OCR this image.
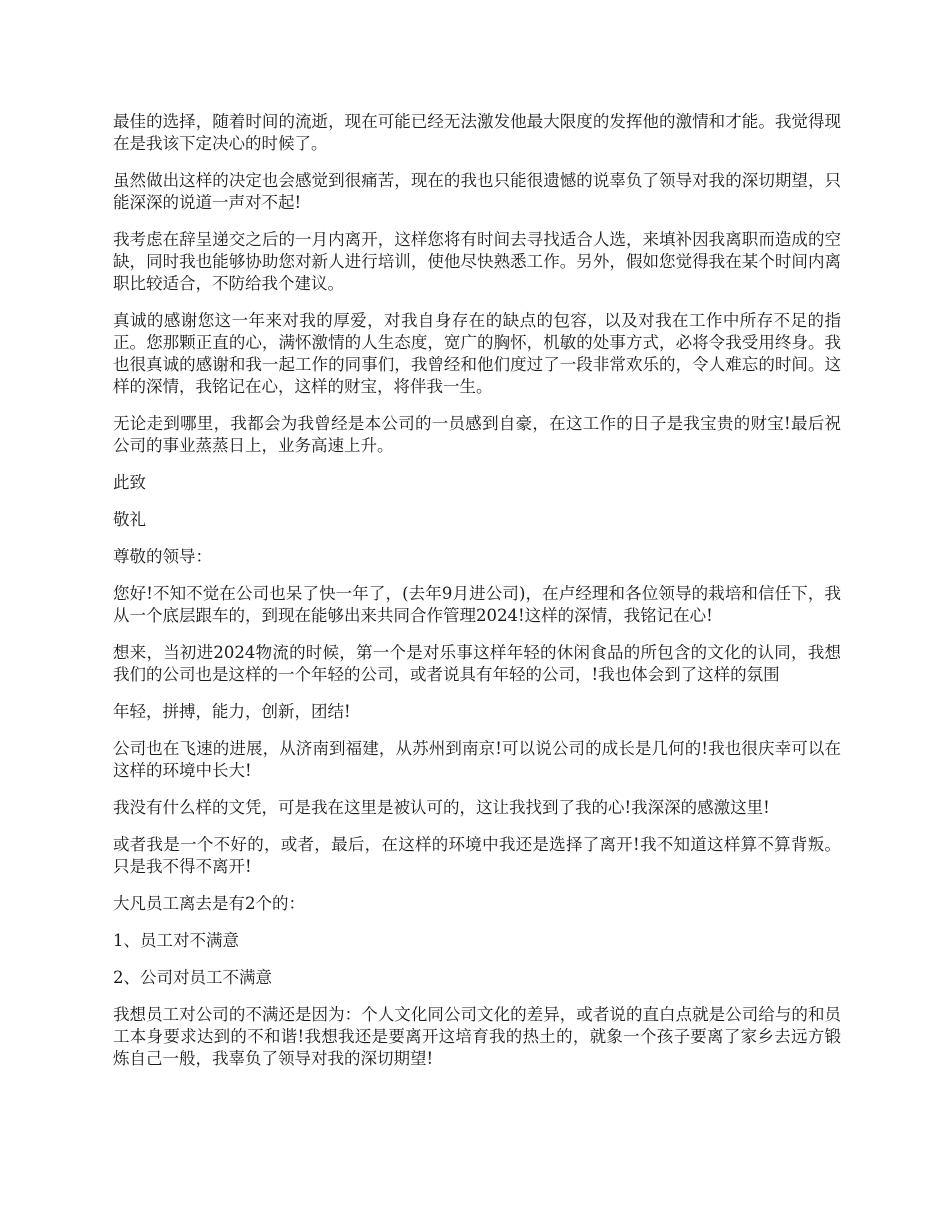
最佳的选择，随着时间的流逝，现在可能已经无法激发他最大限度的发挥他的激情和才能。我觉得现在是我该下定决心的时候了。

虽然做出这样的决定也会感觉到很痛苦，现在的我也只能很遗憾的说辜负了领导对我的深切期望，只能深深的说道一声对不起!

我考虑在辞呈递交之后的一月内离开，这样您将有时间去寻找适合人选，来填补因我离职而造成的空缺，同时我也能够协助您对新人进行培训，使他尽快熟悉工作。另外，假如您觉得我在某个时间内离职比较适合，不防给我个建议。

真诚的感谢您这一年来对我的厚爱，对我自身存在的缺点的包容，以及对我在工作中所存不足的指正。您那颗正直的心，满怀激情的人生态度，宽广的胸怀，机敏的处事方式，必将令我受用终身。我也很真诚的感谢和我一起工作的同事们，我曾经和他们度过了一段非常欢乐的，令人难忘的时间。这样的深情，我铭记在心，这样的财宝，将伴我一生。

无论走到哪里，我都会为我曾经是本公司的一员感到自豪，在这工作的日子是我宝贵的财宝!最后祝公司的事业蒸蒸日上，业务高速上升。

此致

敬礼

尊敬的领导：

您好!不知不觉在公司也呆了快一年了，(去年9月进公司)，在卢经理和各位领导的栽培和信任下，我从一个底层跟车的，到现在能够出来共同合作管理2024!这样的深情，我铭记在心!

想来，当初进2024物流的时候，第一个是对乐事这样年轻的休闲食品的所包含的文化的认同，我想我们的公司也是这样的一个年轻的公司，或者说具有年轻的公司，!我也体会到了这样的氛围

年轻，拼搏，能力，创新，团结!

公司也在飞速的进展，从济南到福建，从苏州到南京!可以说公司的成长是几何的!我也很庆幸可以在这样的环境中长大!

我没有什么样的文凭，可是我在这里是被认可的，这让我找到了我的心!我深深的感激这里!

或者我是一个不好的，或者，最后，在这样的环境中我还是选择了离开!我不知道这样算不算背叛。只是我不得不离开!

大凡员工离去是有2个的：

1、员工对不满意

2、公司对员工不满意

我想员工对公司的不满还是因为：个人文化同公司文化的差异，或者说的直白点就是公司给与的和员工本身要求达到的不和谐!我想我还是要离开这培育我的热土的，就象一个孩子要离了家乡去远方锻炼自己一般，我辜负了领导对我的深切期望!
